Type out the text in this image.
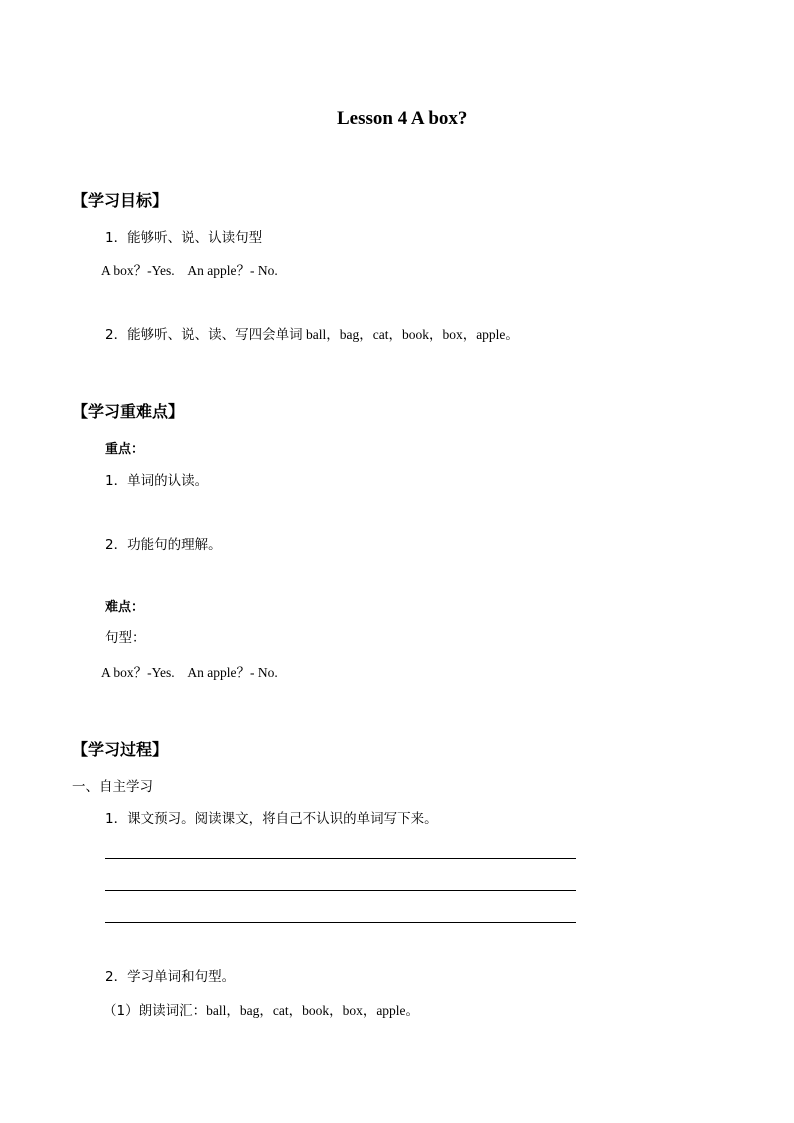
Lesson 4 A box?
【学习目标】
1．能够听、说、认读句型
A box？-Yes.    An apple？- No.
2．能够听、说、读、写四会单词 ball，bag，cat，book，box，apple。
【学习重难点】
重点：
1．单词的认读。
2．功能句的理解。
难点：
句型：
A box？-Yes.    An apple？- No.
【学习过程】
一、自主学习
1．课文预习。阅读课文，将自己不认识的单词写下来。
2．学习单词和句型。
（1）朗读词汇：ball，bag，cat，book，box，apple。
